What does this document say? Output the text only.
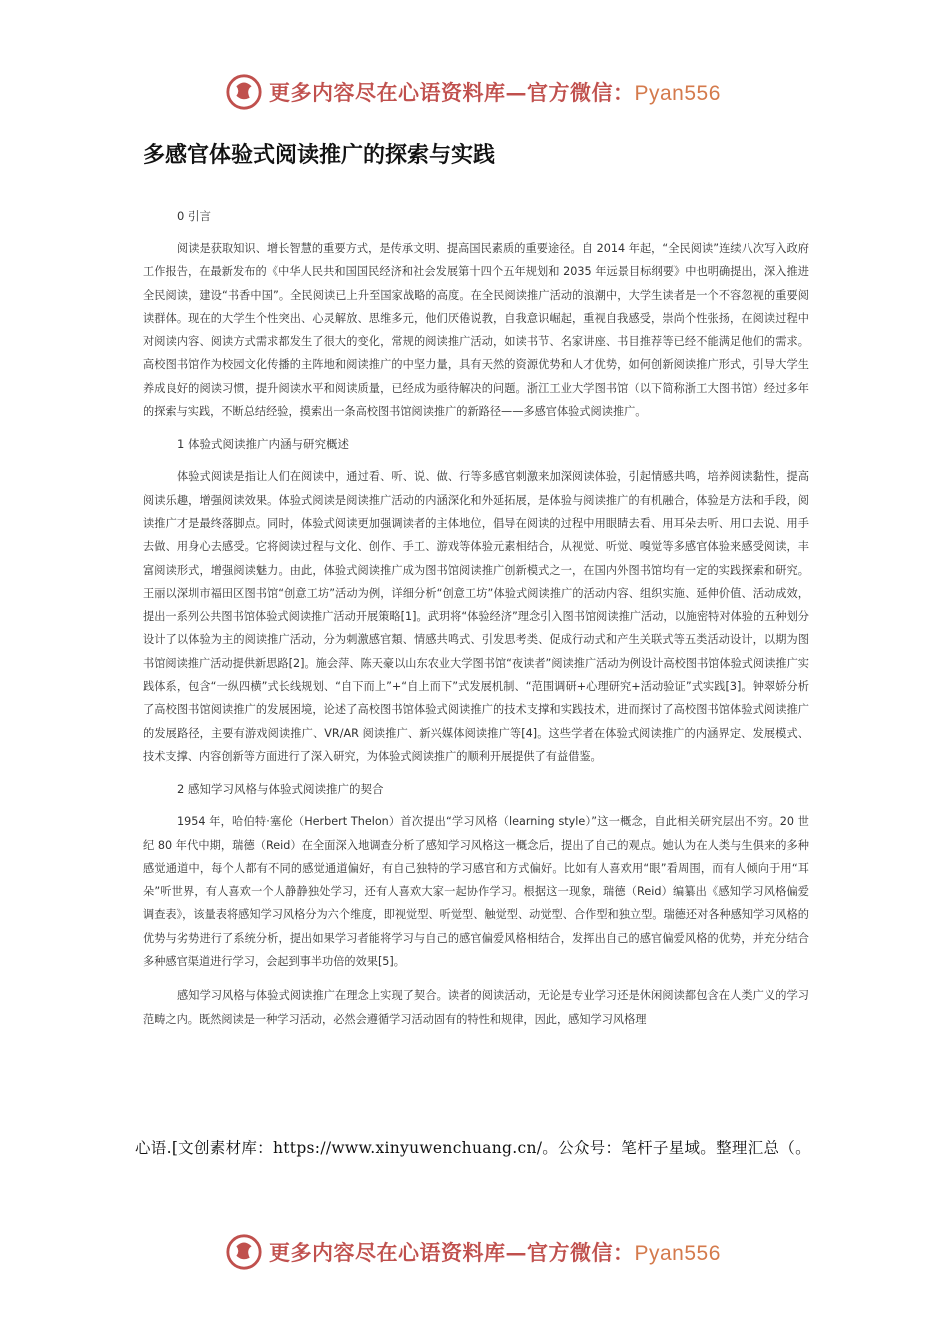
更多内容尽在心语资料库—官方微信：Pyan556
多感官体验式阅读推广的探索与实践

0 引言

阅读是获取知识、增长智慧的重要方式，是传承文明、提高国民素质的重要途径。自 2014 年起，“全民阅读”连续八次写入政府工作报告，在最新发布的《中华人民共和国国民经济和社会发展第十四个五年规划和 2035 年远景目标纲要》中也明确提出，深入推进全民阅读，建设“书香中国”。全民阅读已上升至国家战略的高度。在全民阅读推广活动的浪潮中，大学生读者是一个不容忽视的重要阅读群体。现在的大学生个性突出、心灵解放、思维多元，他们厌倦说教，自我意识崛起，重视自我感受，崇尚个性张扬，在阅读过程中对阅读内容、阅读方式需求都发生了很大的变化，常规的阅读推广活动，如读书节、名家讲座、书目推荐等已经不能满足他们的需求。高校图书馆作为校园文化传播的主阵地和阅读推广的中坚力量，具有天然的资源优势和人才优势，如何创新阅读推广形式，引导大学生养成良好的阅读习惯，提升阅读水平和阅读质量，已经成为亟待解决的问题。浙江工业大学图书馆（以下简称浙工大图书馆）经过多年的探索与实践，不断总结经验，摸索出一条高校图书馆阅读推广的新路径——多感官体验式阅读推广。

1 体验式阅读推广内涵与研究概述

体验式阅读是指让人们在阅读中，通过看、听、说、做、行等多感官刺激来加深阅读体验，引起情感共鸣，培养阅读黏性，提高阅读乐趣，增强阅读效果。体验式阅读是阅读推广活动的内涵深化和外延拓展，是体验与阅读推广的有机融合，体验是方法和手段，阅读推广才是最终落脚点。同时，体验式阅读更加强调读者的主体地位，倡导在阅读的过程中用眼睛去看、用耳朵去听、用口去说、用手去做、用身心去感受。它将阅读过程与文化、创作、手工、游戏等体验元素相结合，从视觉、听觉、嗅觉等多感官体验来感受阅读，丰富阅读形式，增强阅读魅力。由此，体验式阅读推广成为图书馆阅读推广创新模式之一，在国内外图书馆均有一定的实践探索和研究。王丽以深圳市福田区图书馆“创意工坊”活动为例，详细分析“创意工坊”体验式阅读推广的活动内容、组织实施、延伸价值、活动成效，提出一系列公共图书馆体验式阅读推广活动开展策略[1]。武玥将“体验经济”理念引入图书馆阅读推广活动，以施密特对体验的五种划分设计了以体验为主的阅读推广活动，分为刺激感官類、情感共鸣式、引发思考类、促成行动式和产生关联式等五类活动设计，以期为图书馆阅读推广活动提供新思路[2]。施会萍、陈天豪以山东农业大学图书馆“夜读者”阅读推广活动为例设计高校图书馆体验式阅读推广实践体系，包含“一纵四横”式长线规划、“自下而上”+“自上而下”式发展机制、“范围调研+心理研究+活动验证”式实践[3]。钟翠娇分析了高校图书馆阅读推广的发展困境，论述了高校图书馆体验式阅读推广的技术支撑和实践技术，进而探讨了高校图书馆体验式阅读推广的发展路径，主要有游戏阅读推广、VR/AR 阅读推广、新兴媒体阅读推广等[4]。这些学者在体验式阅读推广的内涵界定、发展模式、技术支撑、内容创新等方面进行了深入研究，为体验式阅读推广的顺利开展提供了有益借鉴。

2 感知学习风格与体验式阅读推广的契合

1954 年，哈伯特·塞伦（Herbert Thelon）首次提出“学习风格（learning style）”这一概念，自此相关研究层出不穷。20 世纪 80 年代中期，瑞德（Reid）在全面深入地调查分析了感知学习风格这一概念后，提出了自己的观点。她认为在人类与生俱来的多种感觉通道中，每个人都有不同的感觉通道偏好，有自己独特的学习感官和方式偏好。比如有人喜欢用“眼”看周围，而有人倾向于用“耳朵”听世界，有人喜欢一个人静静独处学习，还有人喜欢大家一起协作学习。根据这一现象，瑞德（Reid）编纂出《感知学习风格偏爱调查表》，该量表将感知学习风格分为六个维度，即视觉型、听觉型、触觉型、动觉型、合作型和独立型。瑞德还对各种感知学习风格的优势与劣势进行了系统分析，提出如果学习者能将学习与自己的感官偏爱风格相结合，发挥出自己的感官偏爱风格的优势，并充分结合多种感官渠道进行学习，会起到事半功倍的效果[5]。

感知学习风格与体验式阅读推广在理念上实现了契合。读者的阅读活动，无论是专业学习还是休闲阅读都包含在人类广义的学习范畴之内。既然阅读是一种学习活动，必然会遵循学习活动固有的特性和规律，因此，感知学习风格理

心语.[文创素材库：https://www.xinyuwenchuang.cn/。公众号：笔杆子星域。整理汇总（。
更多内容尽在心语资料库—官方微信：Pyan556
